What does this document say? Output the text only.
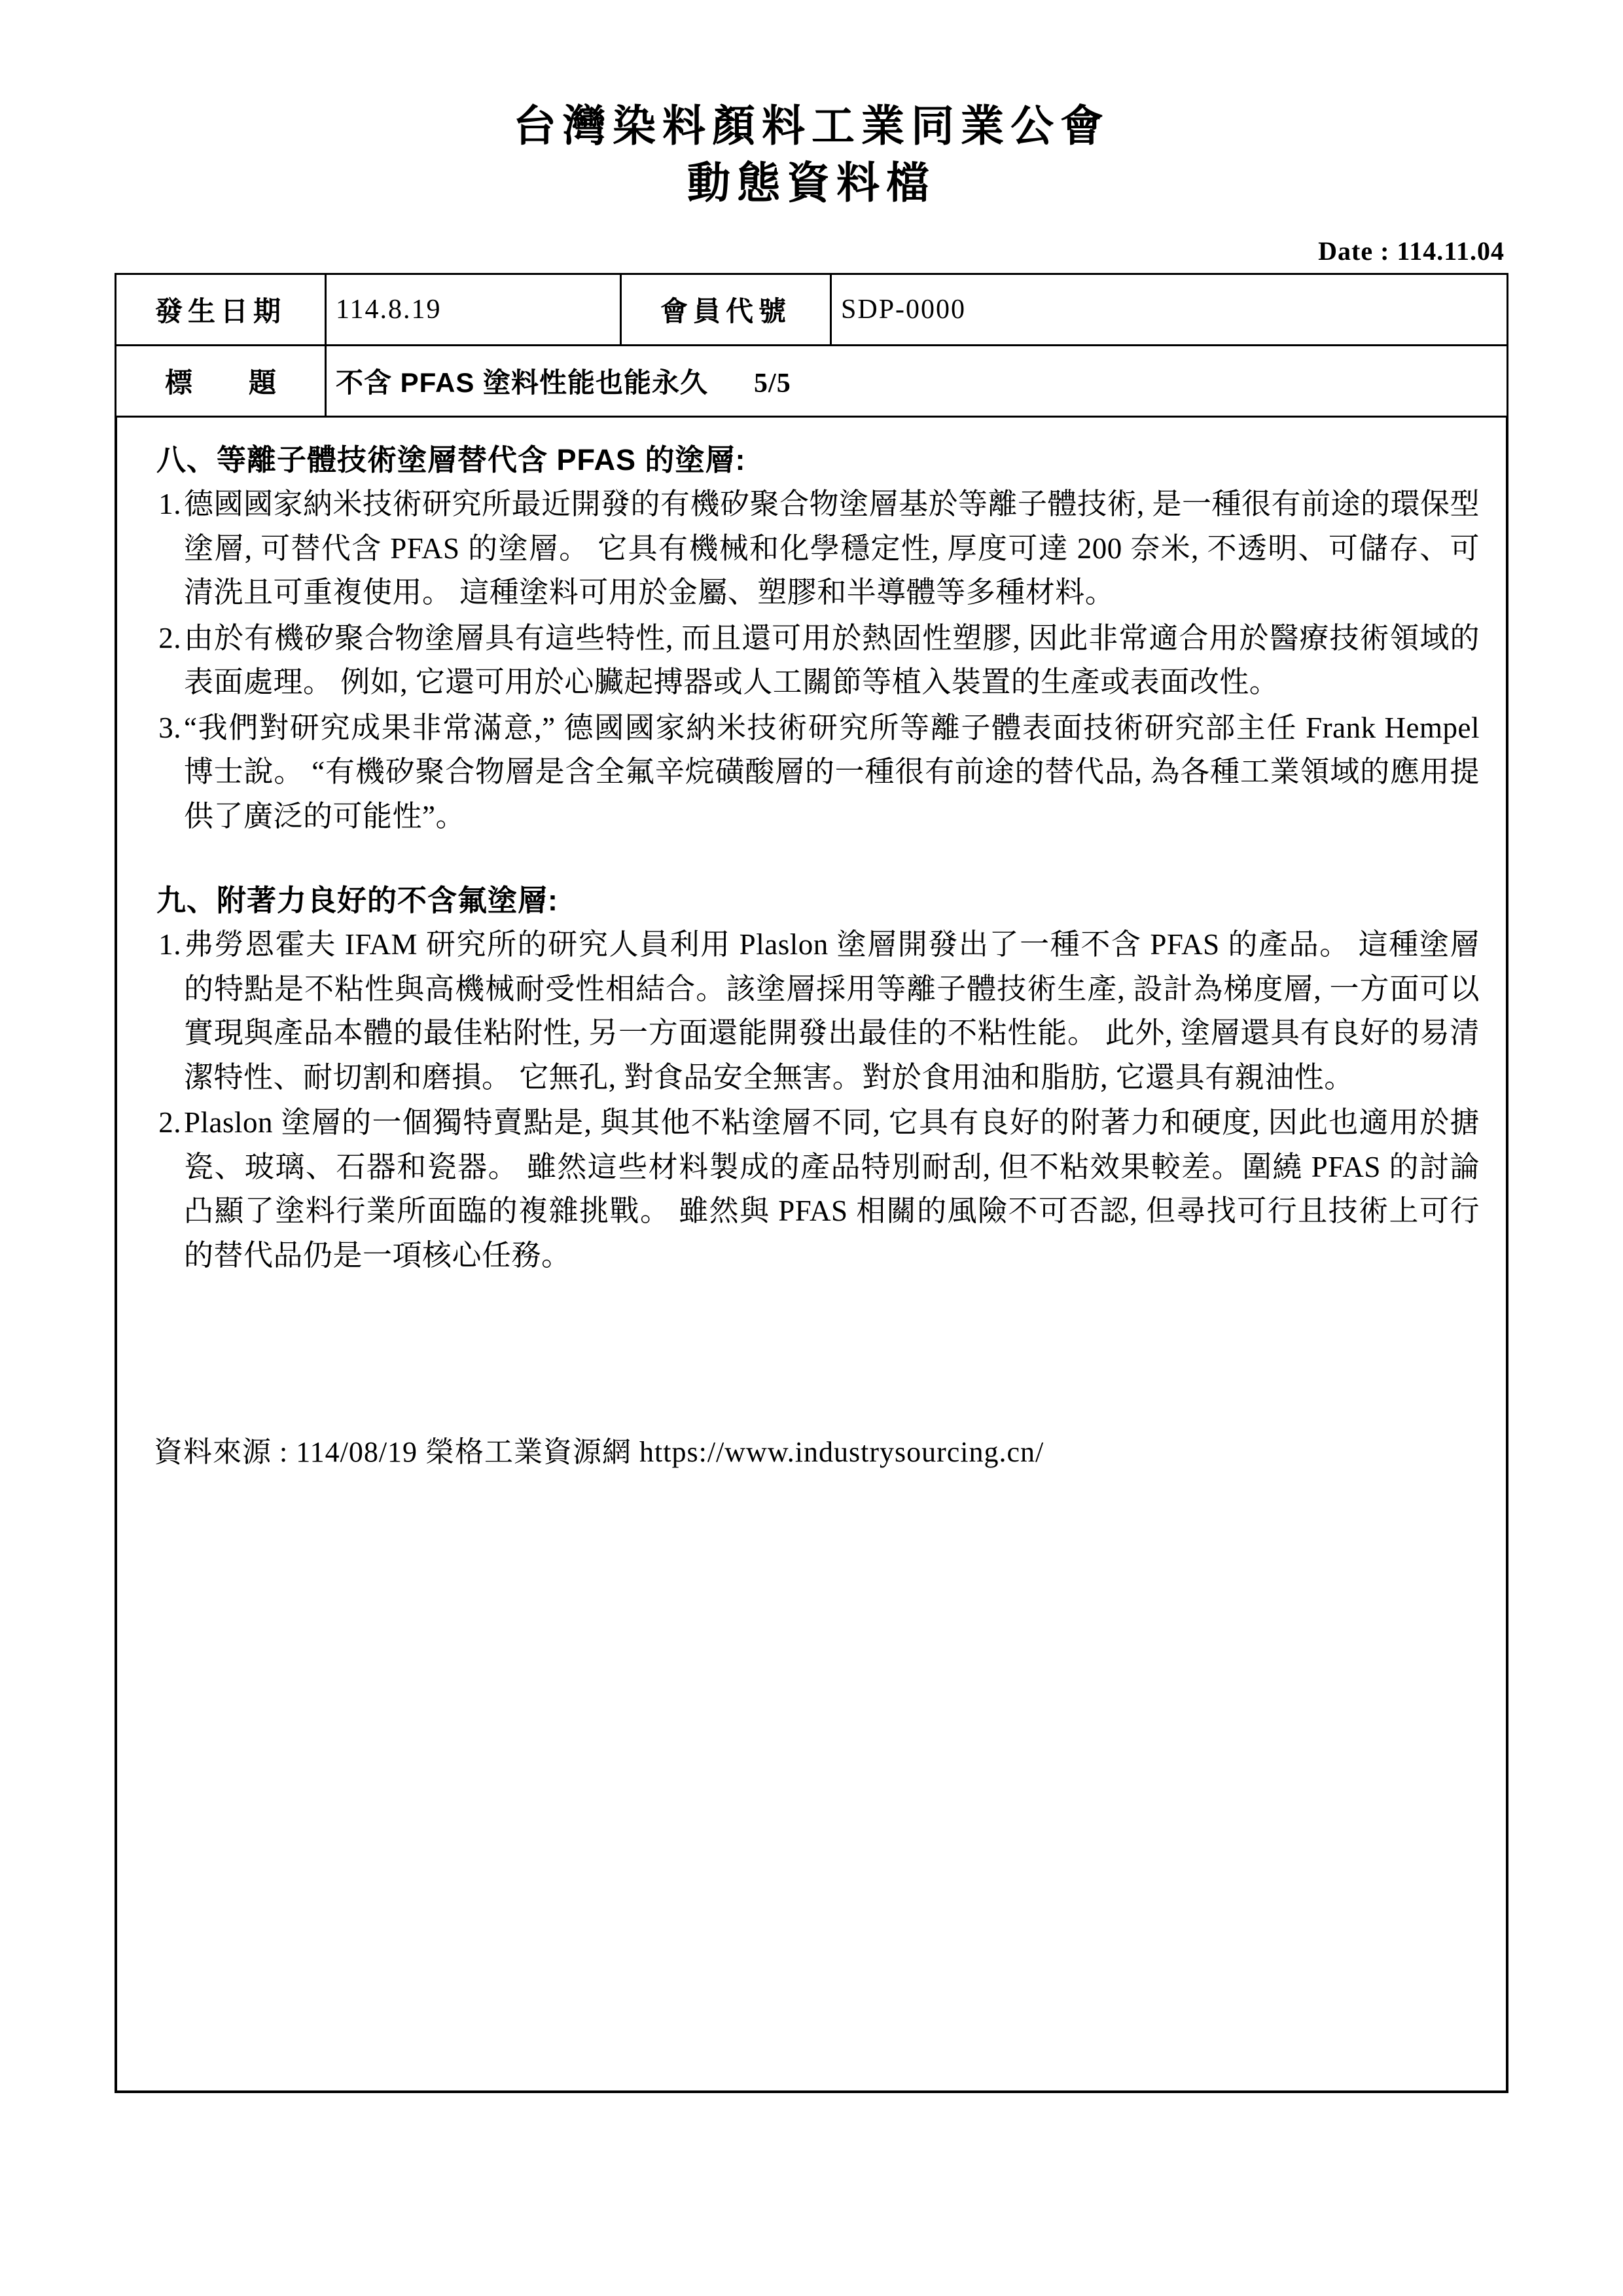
台灣染料顏料工業同業公會
動態資料檔
Date : 114.11.04
發生日期	114.8.19	會員代號	SDP-0000
標　題	不含 PFAS 塗料性能也能永久 5/5		
八、等離子體技術塗層替代含 PFAS 的塗層:
1. 德國國家納米技術研究所最近開發的有機矽聚合物塗層基於等離子體技術, 是一種很有前途的環保型塗層, 可替代含 PFAS 的塗層。 它具有機械和化學穩定性, 厚度可達 200 奈米, 不透明、可儲存、可清洗且可重複使用。 這種塗料可用於金屬、塑膠和半導體等多種材料。
2. 由於有機矽聚合物塗層具有這些特性, 而且還可用於熱固性塑膠, 因此非常適合用於醫療技術領域的表面處理。 例如, 它還可用於心臟起搏器或人工關節等植入裝置的生產或表面改性。
3. “我們對研究成果非常滿意,” 德國國家納米技術研究所等離子體表面技術研究部主任 Frank Hempel 博士說。 “有機矽聚合物層是含全氟辛烷磺酸層的一種很有前途的替代品, 為各種工業領域的應用提供了廣泛的可能性”。
九、附著力良好的不含氟塗層:
1. 弗勞恩霍夫 IFAM 研究所的研究人員利用 Plaslon 塗層開發出了一種不含 PFAS 的產品。 這種塗層的特點是不粘性與高機械耐受性相結合。該塗層採用等離子體技術生產, 設計為梯度層, 一方面可以實現與產品本體的最佳粘附性, 另一方面還能開發出最佳的不粘性能。 此外, 塗層還具有良好的易清潔特性、耐切割和磨損。 它無孔, 對食品安全無害。對於食用油和脂肪, 它還具有親油性。
2. Plaslon 塗層的一個獨特賣點是, 與其他不粘塗層不同, 它具有良好的附著力和硬度, 因此也適用於搪瓷、玻璃、石器和瓷器。 雖然這些材料製成的產品特別耐刮, 但不粘效果較差。圍繞 PFAS 的討論凸顯了塗料行業所面臨的複雜挑戰。 雖然與 PFAS 相關的風險不可否認, 但尋找可行且技術上可行的替代品仍是一項核心任務。
資料來源 : 114/08/19 榮格工業資源網 https://www.industrysourcing.cn/
